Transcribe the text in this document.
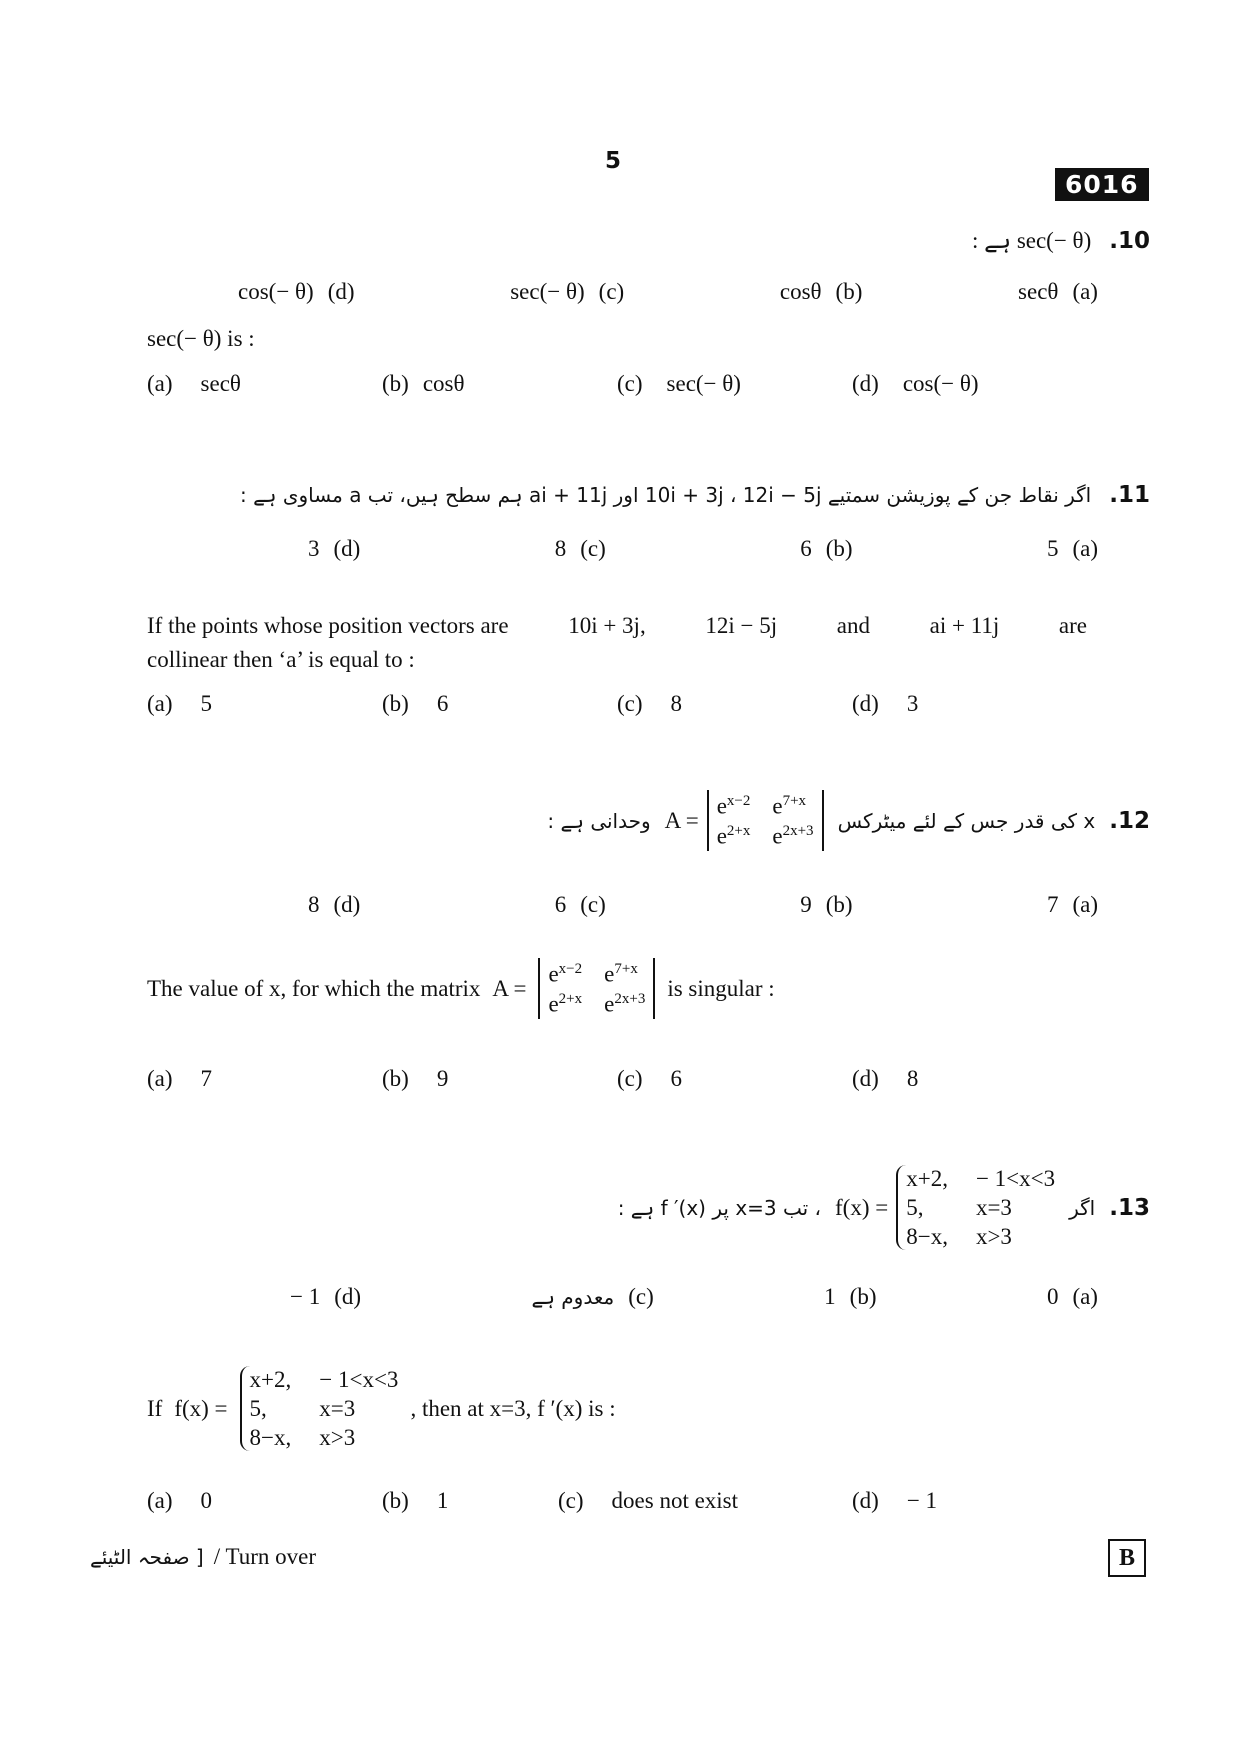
5
6016
sec(− θ) ہے : .10
cos(− θ) (d)	sec(− θ) (c)	cosθ (b)	secθ (a)
sec(− θ) is :
(a) secθ	(b) cosθ	(c) sec(− θ)	(d) cos(− θ)
اگر نقاط جن کے پوزیشن سمتیے 10i + 3j ، 12i − 5j اور ai + 11j ہم سطح ہیں، تب a مساوی ہے : .11
3 (d)	8 (c)	6 (b)	5 (a)
If the points whose position vectors are	10i + 3j,	12i − 5j	and	ai + 11j	are
collinear then ‘a’ is equal to :
(a) 5	(b) 6	(c) 8	(d) 3
.12
x کی قدر جس کے لئے میٹرکس
A =
$e^{x-2}$ $e^{7+x}$
$e^{2+x}$ $e^{2x+3}$
وحدانی ہے :
8 (d)	6 (c)	9 (b)	7 (a)
The value of x, for which the matrix A =
$e^{x-2}$ $e^{7+x}$
$e^{2+x}$ $e^{2x+3}$ is singular :
(a) 7	(b) 9	(c) 6	(d) 8
.13
اگر
f(x) =
x+2, − 1<x<3
5,	x=3
8−x, x>3
، تب x=3 پر f ′(x) ہے :
− 1 (d)	معدوم ہے (c)	1 (b)	0 (a)
If f(x) =
x+2, − 1<x<3
5,	x=3
8−x, x>3
, then at x=3, f ′(x) is :
(a) 0	(b) 1	(c) does not exist	(d) − 1
[ صفحہ الٹیئے / Turn over	B
